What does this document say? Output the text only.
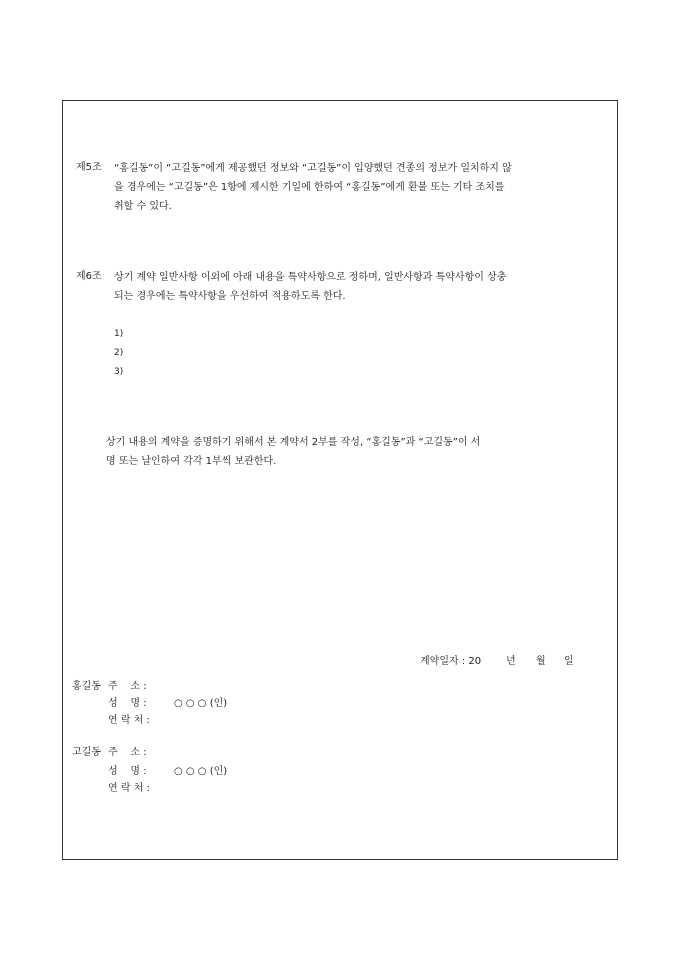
제5조 “홍길동”이 “고길동”에게 제공했던 정보와 “고길동”이 입양했던 견종의 정보가 일치하지 않
을 경우에는 “고길동”은 1항에 제시한 기일에 한하여 “홍길동”에게 환불 또는 기타 조치를
취할 수 있다.
제6조 상기 계약 일반사항 이외에 아래 내용을 특약사항으로 정하며, 일반사항과 특약사항이 상충
되는 경우에는 특약사항을 우선하여 적용하도록 한다.
1)
2)
3)
상기 내용의 계약을 증명하기 위해서 본 계약서 2부를 작성, “홍길동”과 “고길동”이 서
명 또는 날인하여 각각 1부씩 보관한다.
계약일자 : 20 년 월 일
홍길동 주    소 :
성    명 :	○ ○ ○ (인)
연 락 처 :
고길동 주    소 :
성    명 :	○ ○ ○ (인)
연 락 처 :
